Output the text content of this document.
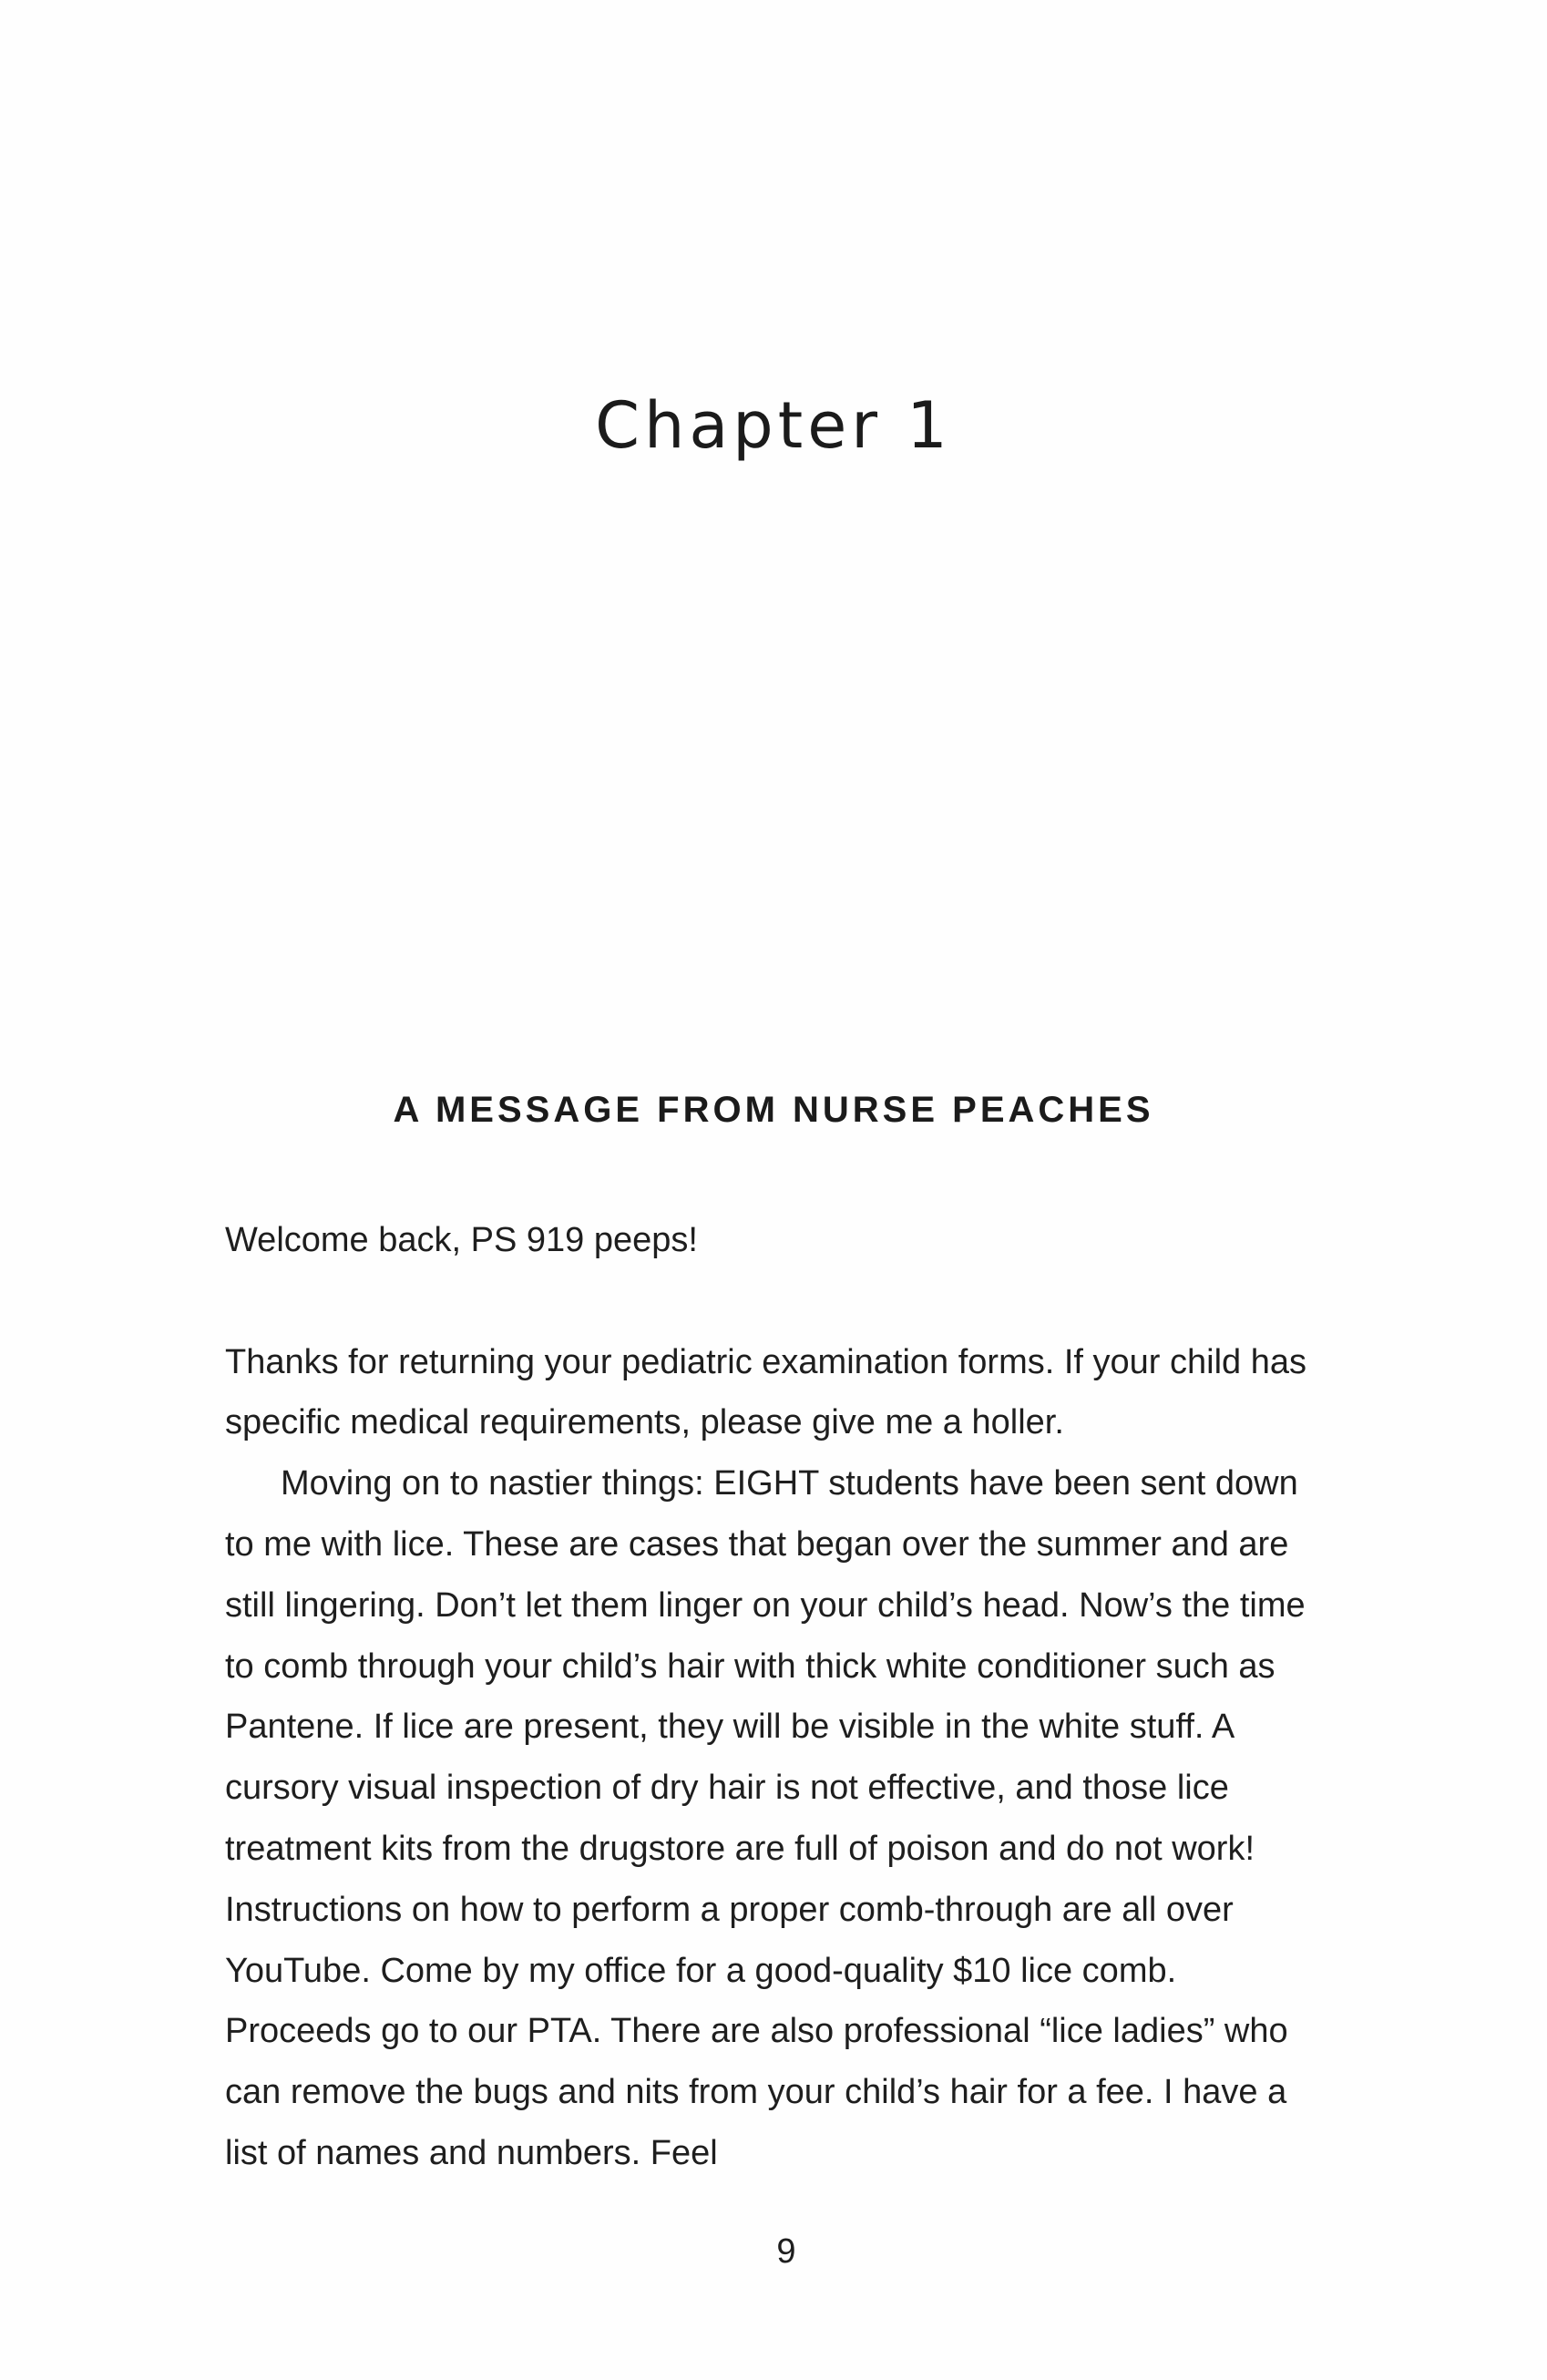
Chapter 1
A MESSAGE FROM NURSE PEACHES

Welcome back, PS 919 peeps!

Thanks for returning your pediatric examination forms. If your child has specific medical requirements, please give me a holler.

Moving on to nastier things: EIGHT students have been sent down to me with lice. These are cases that began over the summer and are still lingering. Don’t let them linger on your child’s head. Now’s the time to comb through your child’s hair with thick white conditioner such as Pantene. If lice are present, they will be visible in the white stuff. A cursory visual inspection of dry hair is not effective, and those lice treatment kits from the drugstore are full of poison and do not work! Instructions on how to perform a proper comb-through are all over YouTube. Come by my office for a good-quality $10 lice comb. Proceeds go to our PTA. There are also professional “lice ladies” who can remove the bugs and nits from your child’s hair for a fee. I have a list of names and numbers. Feel

9
